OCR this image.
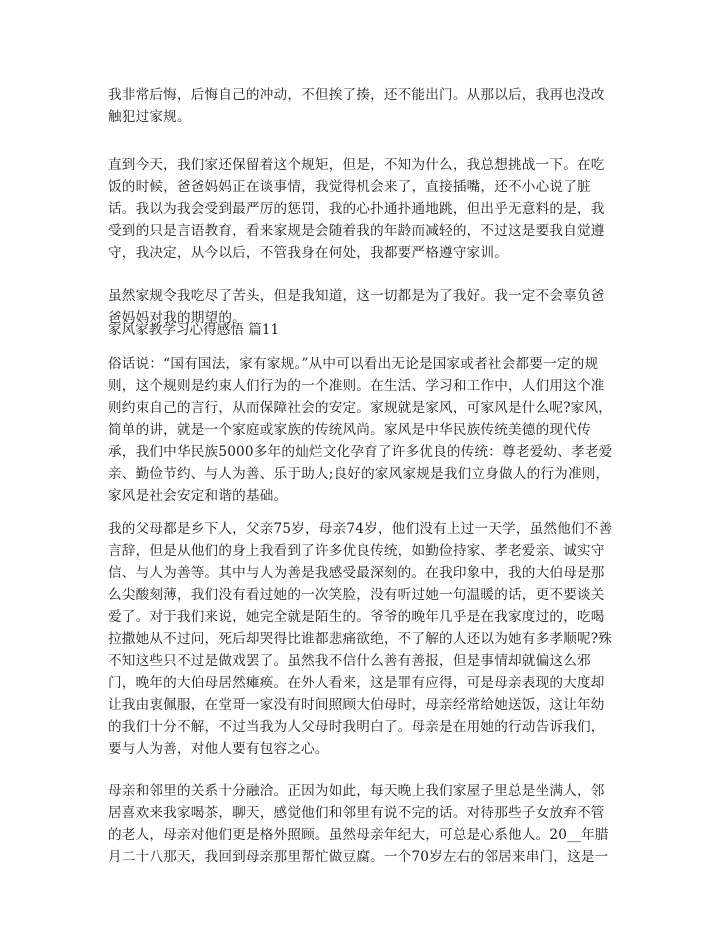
我非常后悔，后悔自己的冲动，不但挨了揍，还不能出门。从那以后，我再也没改触犯过家规。

直到今天，我们家还保留着这个规矩，但是，不知为什么，我总想挑战一下。在吃饭的时候，爸爸妈妈正在谈事情，我觉得机会来了，直接插嘴，还不小心说了脏话。我以为我会受到最严厉的惩罚，我的心扑通扑通地跳，但出乎无意料的是，我受到的只是言语教育，看来家规是会随着我的年龄而减轻的，不过这是要我自觉遵守，我决定，从今以后，不管我身在何处，我都要严格遵守家训。

虽然家规令我吃尽了苦头，但是我知道，这一切都是为了我好。我一定不会辜负爸爸妈妈对我的期望的。

家风家教学习心得感悟 篇11

俗话说：“国有国法，家有家规。”从中可以看出无论是国家或者社会都要一定的规则，这个规则是约束人们行为的一个准则。在生活、学习和工作中，人们用这个准则约束自己的言行，从而保障社会的安定。家规就是家风，可家风是什么呢?家风，简单的讲，就是一个家庭或家族的传统风尚。家风是中华民族传统美德的现代传承，我们中华民族5000多年的灿烂文化孕育了许多优良的传统：尊老爱幼、孝老爱亲、勤俭节约、与人为善、乐于助人;良好的家风家规是我们立身做人的行为准则，家风是社会安定和谐的基础。

我的父母都是乡下人，父亲75岁，母亲74岁，他们没有上过一天学，虽然他们不善言辞，但是从他们的身上我看到了许多优良传统，如勤俭持家、孝老爱亲、诚实守信、与人为善等。其中与人为善是我感受最深刻的。在我印象中，我的大伯母是那么尖酸刻薄，我们没有看过她的一次笑脸，没有听过她一句温暖的话，更不要谈关爱了。对于我们来说，她完全就是陌生的。爷爷的晚年几乎是在我家度过的，吃喝拉撒她从不过问，死后却哭得比谁都悲痛欲绝，不了解的人还以为她有多孝顺呢?殊不知这些只不过是做戏罢了。虽然我不信什么善有善报，但是事情却就偏这么邪门，晚年的大伯母居然瘫痪。在外人看来，这是罪有应得，可是母亲表现的大度却让我由衷佩服，在堂哥一家没有时间照顾大伯母时，母亲经常给她送饭，这让年幼的我们十分不解，不过当我为人父母时我明白了。母亲是在用她的行动告诉我们，要与人为善，对他人要有包容之心。

母亲和邻里的关系十分融洽。正因为如此，每天晚上我们家屋子里总是坐满人，邻居喜欢来我家喝茶，聊天，感觉他们和邻里有说不完的话。对待那些子女放弃不管的老人，母亲对他们更是格外照顾。虽然母亲年纪大，可总是心系他人。20__年腊月二十八那天，我回到母亲那里帮忙做豆腐。一个70岁左右的邻居来串门，这是一
